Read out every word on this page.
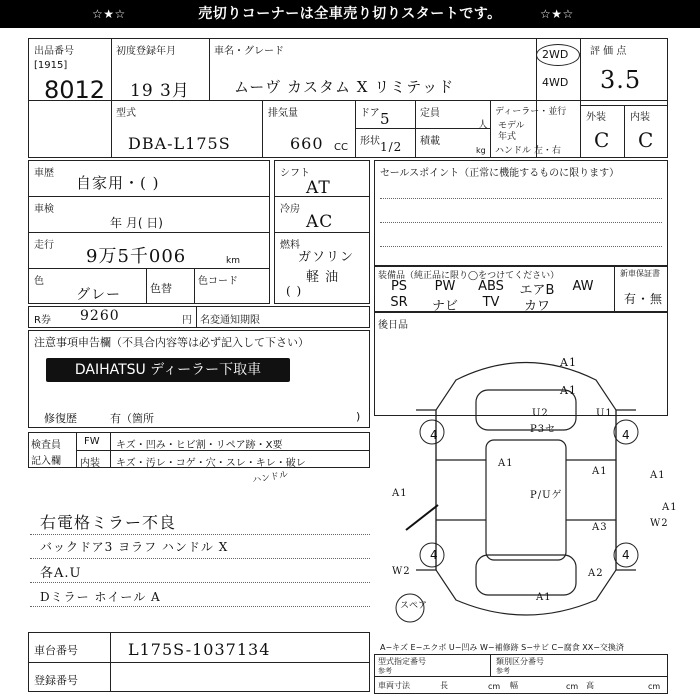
☆★☆	売切りコーナーは全車売り切りスタートです。	☆★☆
出品番号
[1915]
8012
初度登録年月
19 3月
車名・グレード
ムーヴ カスタム X リミテッド
2WD
4WD
評 価 点
3.5
型式
DBA-L175S
排気量
660 CC
ドア 5
形状 1/2
定員
人
積載
kg
ディーラー・並行
モデル
年式
ハンドル 左・右
外装 内装
C C
車歴
自家用・( )
車検
年 月( 日)
走行
9万5千006	km
色
グレー	色替
色コード
シフト
AT
冷房
AC
燃料
ガソリン
軽 油
( )
セールスポイント（正常に機能するものに限ります）
装備品（純正品に限り◯をつけてください）	新車保証書
有・無
PS	PW	ABS	エアB	AW
SR	ナビ	TV	カワ
R券 9260	円 名変通知期限	後日品
注意事項申告欄（不具合内容等は必ず記入して下さい）
DAIHATSU ディーラー下取車
修復歴	有（箇所	)
検査員
記入欄
FW キズ・凹み・ヒビ割・リペア跡・X要
内装 キズ・汚レ・コゲ・穴・スレ・キレ・破レ
ハンドル
右電格ミラー不良
バックドア3 ヨラフ ハンドル X
各A.U
Dミラー ホイール A
車台番号	L175S-1037134
登録番号
4	4
4	4
スペア
A1
A1
U2
P3セ
U1
A1
A1
P/Uゲ
A1
A3
A1
W2
A2
W2
A1
A1
A−キズ E−エクボ U−凹み W−補修跡 S−サビ C−腐食 XX−交換済
型式指定番号
参考
類別区分番号
参考
車両寸法	長	cm 幅	cm 高	cm
